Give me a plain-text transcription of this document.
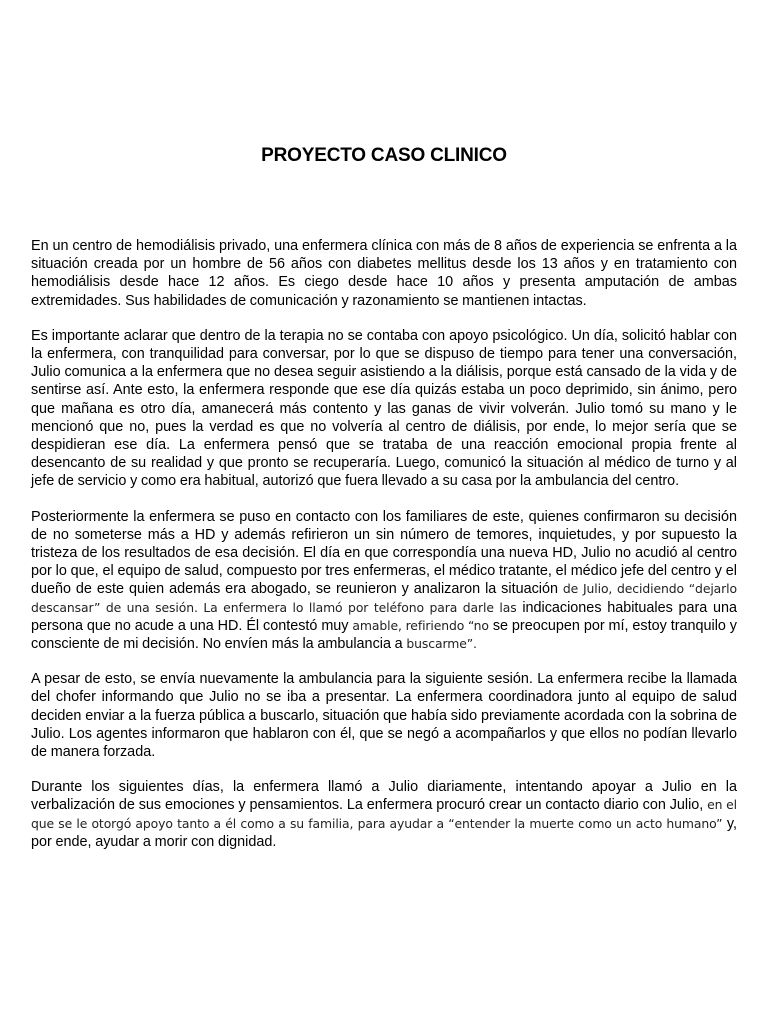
PROYECTO CASO CLINICO

En un centro de hemodiálisis privado, una enfermera clínica con más de 8 años de experiencia se enfrenta a la situación creada por un hombre de 56 años con diabetes mellitus desde los 13 años y en tratamiento con hemodiálisis desde hace 12 años. Es ciego desde hace 10 años y presenta amputación de ambas extremidades. Sus habilidades de comunicación y razonamiento se mantienen intactas.

Es importante aclarar que dentro de la terapia no se contaba con apoyo psicológico. Un día, solicitó hablar con la enfermera, con tranquilidad para conversar, por lo que se dispuso de tiempo para tener una conversación, Julio comunica a la enfermera que no desea seguir asistiendo a la diálisis, porque está cansado de la vida y de sentirse así. Ante esto, la enfermera responde que ese día quizás estaba un poco deprimido, sin ánimo, pero que mañana es otro día, amanecerá más contento y las ganas de vivir volverán. Julio tomó su mano y le mencionó que no, pues la verdad es que no volvería al centro de diálisis, por ende, lo mejor sería que se despidieran ese día. La enfermera pensó que se trataba de una reacción emocional propia frente al desencanto de su realidad y que pronto se recuperaría. Luego, comunicó la situación al médico de turno y al jefe de servicio y como era habitual, autorizó que fuera llevado a su casa por la ambulancia del centro.

Posteriormente la enfermera se puso en contacto con los familiares de este, quienes confirmaron su decisión de no someterse más a HD y además refirieron un sin número de temores, inquietudes, y por supuesto la tristeza de los resultados de esa decisión. El día en que correspondía una nueva HD, Julio no acudió al centro por lo que, el equipo de salud, compuesto por tres enfermeras, el médico tratante, el médico jefe del centro y el dueño de este quien además era abogado, se reunieron y analizaron la situación de Julio, decidiendo “dejarlo descansar” de una sesión. La enfermera lo llamó por teléfono para darle las indicaciones habituales para una persona que no acude a una HD. Él contestó muy amable, refiriendo “no se preocupen por mí, estoy tranquilo y consciente de mi decisión. No envíen más la ambulancia a buscarme”.

A pesar de esto, se envía nuevamente la ambulancia para la siguiente sesión. La enfermera recibe la llamada del chofer informando que Julio no se iba a presentar. La enfermera coordinadora junto al equipo de salud deciden enviar a la fuerza pública a buscarlo, situación que había sido previamente acordada con la sobrina de Julio. Los agentes informaron que hablaron con él, que se negó a acompañarlos y que ellos no podían llevarlo de manera forzada.

Durante los siguientes días, la enfermera llamó a Julio diariamente, intentando apoyar a Julio en la verbalización de sus emociones y pensamientos. La enfermera procuró crear un contacto diario con Julio, en el que se le otorgó apoyo tanto a él como a su familia, para ayudar a “entender la muerte como un acto humano” y, por ende, ayudar a morir con dignidad.
